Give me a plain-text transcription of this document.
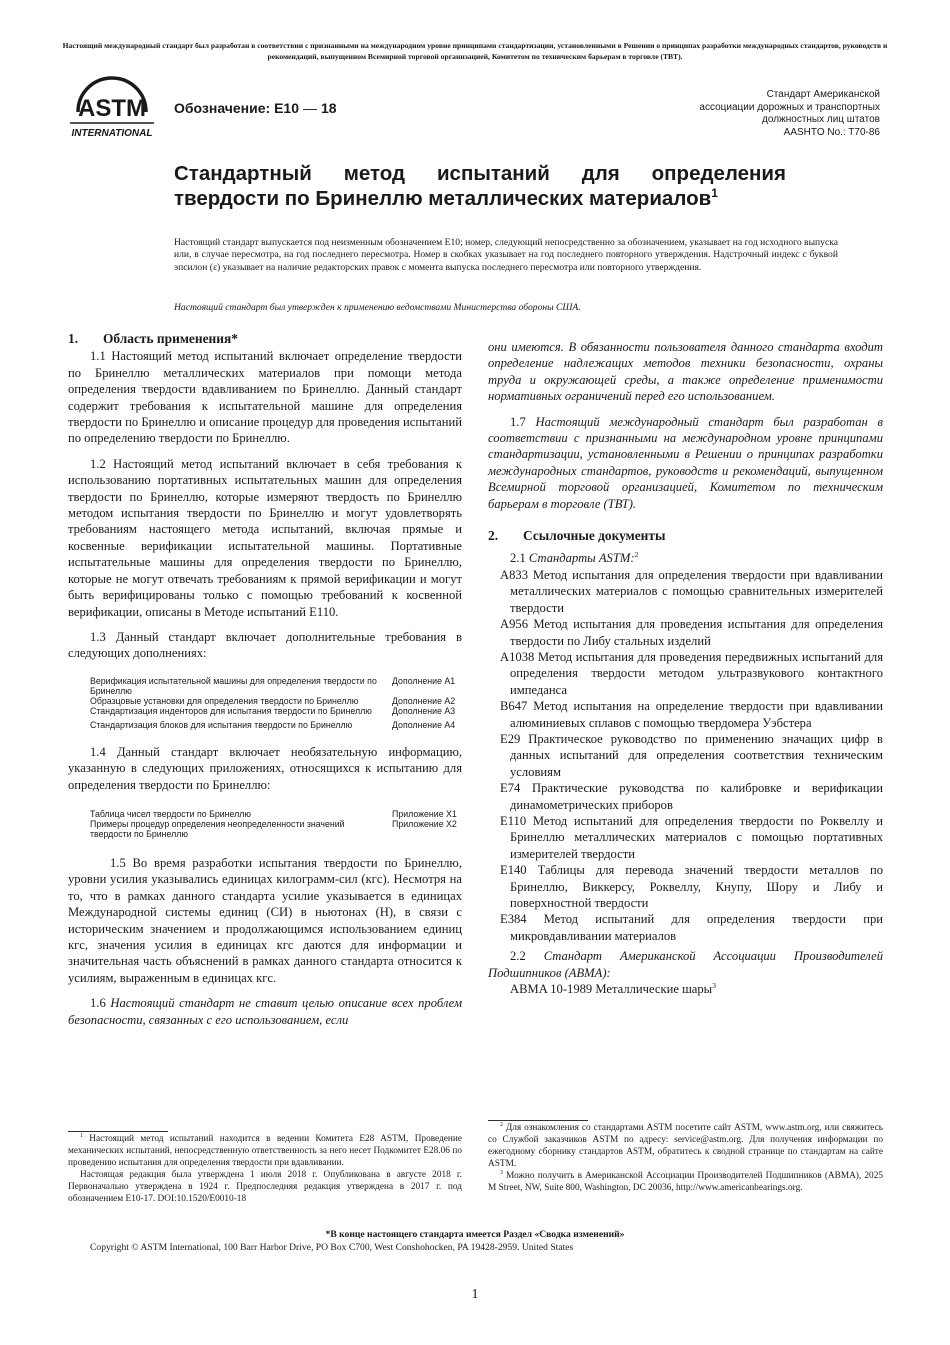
Настоящий международный стандарт был разработан в соответствии с признанными на международном уровне принципами стандартизации, установленными в Решении о принципах разработки международных стандартов, руководств и рекомендаций, выпущенном Всемирной торговой организацией, Комитетом по техническим барьерам в торговле (ТВТ).
ASTM
INTERNATIONAL
Обозначение: E10 — 18
Стандарт Американской
ассоциации дорожных и транспортных
должностных лиц штатов
AASHTO No.: T70-86
Стандартный метод испытаний для определения твердости по Бринеллю металлических материалов$^1$
Настоящий стандарт выпускается под неизменным обозначением E10; номер, следующий непосредственно за обозначением, указывает на год исходного выпуска или, в случае пересмотра, на год последнего пересмотра. Номер в скобках указывает на год последнего повторного утверждения. Надстрочный индекс с буквой эпсилон (ε) указывает на наличие редакторских правок с момента выпуска последнего пересмотра или повторного утверждения.
Настоящий стандарт был утвержден к применению ведомствами Министерства обороны США.
1. Область применения*

1.1 Настоящий метод испытаний включает определение твердости по Бринеллю металлических материалов при помощи метода определения твердости вдавливанием по Бринеллю. Данный стандарт содержит требования к испытательной машине для определения твердости по Бринеллю и описание процедур для проведения испытаний по определению твердости по Бринеллю.

1.2 Настоящий метод испытаний включает в себя требования к использованию портативных испытательных машин для определения твердости по Бринеллю, которые измеряют твердость по Бринеллю методом испытания твердости по Бринеллю и могут удовлетворять требованиям настоящего метода испытаний, включая прямые и косвенные верификации испытательной машины. Портативные испытательные машины для определения твердости по Бринеллю, которые не могут отвечать требованиям к прямой верификации и могут быть верифицированы только с помощью требований к косвенной верификации, описаны в Методе испытаний E110.

1.3 Данный стандарт включает дополнительные требования в следующих дополнениях:

Верификация испытательной машины для определения твердости по Бринеллю	Дополнение A1
Образцовые установки для определения твердости по Бринеллю	Дополнение A2
Стандартизация инденторов для испытания твердости по Бринеллю	Дополнение A3
Стандартизация блоков для испытания твердости по Бринеллю	Дополнение A4

1.4 Данный стандарт включает необязательную информацию, указанную в следующих приложениях, относящихся к испытанию для определения твердости по Бринеллю:

Таблица чисел твердости по Бринеллю	Приложение X1
Примеры процедур определения неопределенности значений твердости по Бринеллю	Приложение X2

1.5 Во время разработки испытания твердости по Бринеллю, уровни усилия указывались единицах килограмм-сил (кгс). Несмотря на то, что в рамках данного стандарта усилие указывается в единицах Международной системы единиц (СИ) в ньютонах (Н), в связи с историческим значением и продолжающимся использованием единиц кгс, значения усилия в единицах кгс даются для информации и значительная часть объяснений в рамках данного стандарта относится к усилиям, выраженным в единицах кгс.

1.6 Настоящий стандарт не ставит целью описание всех проблем безопасности, связанных с его использованием, если

они имеются. В обязанности пользователя данного стандарта входит определение надлежащих методов техники безопасности, охраны труда и окружающей среды, а также определение применимости нормативных ограничений перед его использованием.

1.7 Настоящий международный стандарт был разработан в соответствии с признанными на международном уровне принципами стандартизации, установленными в Решении о принципах разработки международных стандартов, руководств и рекомендаций, выпущенном Всемирной торговой организацией, Комитетом по техническим барьерам в торговле (ТВТ).

2. Ссылочные документы

2.1 Стандарты ASTM:$^2$

A833 Метод испытания для определения твердости при вдавливании металлических материалов с помощью сравнительных измерителей твердости

A956 Метод испытания для проведения испытания для определения твердости по Либу стальных изделий

A1038 Метод испытания для проведения передвижных испытаний для определения твердости методом ультразвукового контактного импеданса

B647 Метод испытания на определение твердости при вдавливании алюминиевых сплавов с помощью твердомера Уэбстера

E29 Практическое руководство по применению значащих цифр в данных испытаний для определения соответствия техническим условиям

E74 Практические руководства по калибровке и верификации динамометрических приборов

E110 Метод испытаний для определения твердости по Роквеллу и Бринеллю металлических материалов с помощью портативных измерителей твердости

E140 Таблицы для перевода значений твердости металлов по Бринеллю, Виккерсу, Роквеллу, Кнупу, Шору и Либу и поверхностной твердости

E384 Метод испытаний для определения твердости при микровдавливании материалов

2.2 Стандарт Американской Ассоциации Производителей Подшипников (ABMA):

ABMA 10-1989 Металлические шары$^3$

$^1$ Настоящий метод испытаний находится в ведении Комитета E28 ASTM, Проведение механических испытаний, непосредственную ответственность за него несет Подкомитет E28.06 по проведению испытания для определения твердости при вдавливании.

Настоящая редакция была утверждена 1 июля 2018 г. Опубликована в августе 2018 г. Первоначально утверждена в 1924 г. Предпоследняя редакция утверждена в 2017 г. под обозначением E10-17. DOI:10.1520/E0010-18

$^2$ Для ознакомления со стандартами ASTM посетите сайт ASTM, www.astm.org, или свяжитесь со Службой заказчиков ASTM по адресу: service@astm.org. Для получения информации по ежегодному сборнику стандартов ASTM, обратитесь к сводной странице по стандартам на сайте ASTM.

$^3$ Можно получить в Американской Ассоциации Производителей Подшипников (ABMA), 2025 M Street, NW, Suite 800, Washington, DC 20036, http://www.americanbearings.org.

*В конце настоящего стандарта имеется Раздел «Сводка изменений»
Copyright © ASTM International, 100 Barr Harbor Drive, PO Box C700, West Conshohocken, PA 19428-2959. United States
1
